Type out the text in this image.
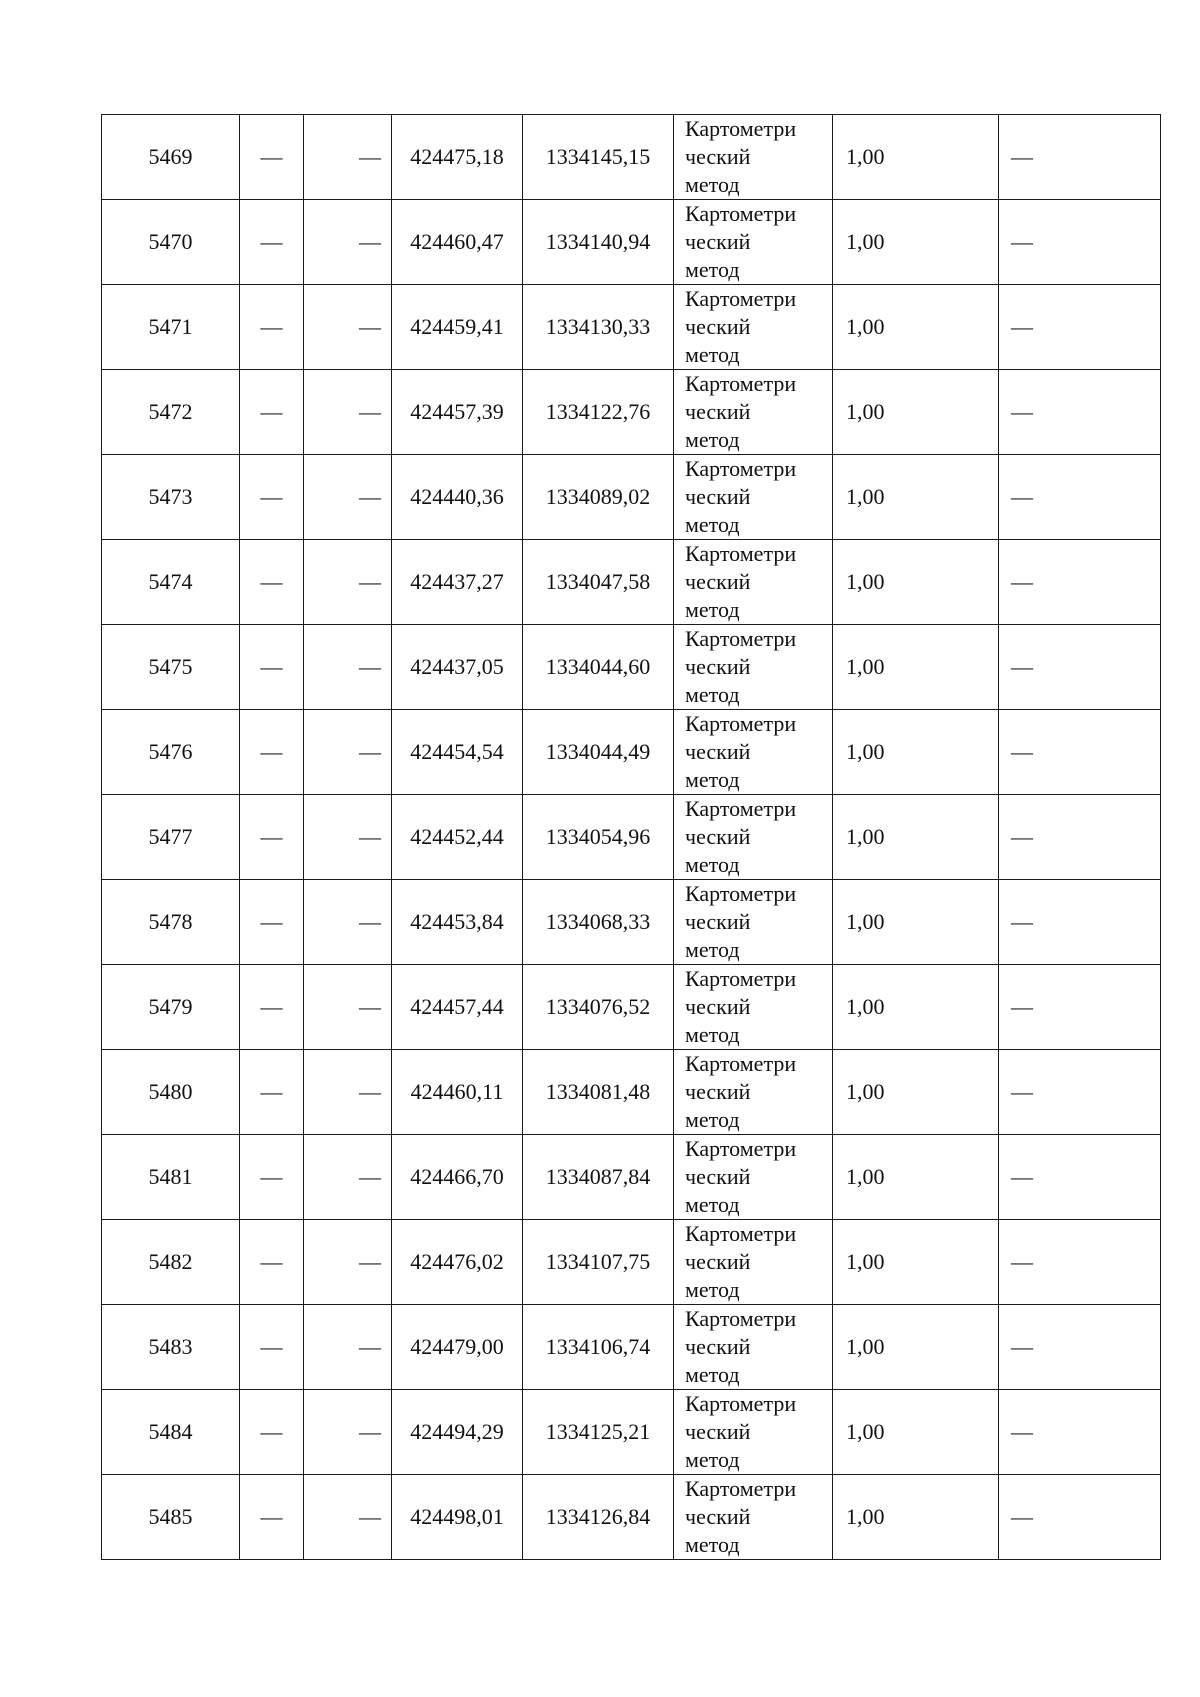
5469	—	—	424475,18	1334145,15	Картометри
ческий
метод	1,00	—
5470	—	—	424460,47	1334140,94	Картометри
ческий
метод	1,00	—
5471	—	—	424459,41	1334130,33	Картометри
ческий
метод	1,00	—
5472	—	—	424457,39	1334122,76	Картометри
ческий
метод	1,00	—
5473	—	—	424440,36	1334089,02	Картометри
ческий
метод	1,00	—
5474	—	—	424437,27	1334047,58	Картометри
ческий
метод	1,00	—
5475	—	—	424437,05	1334044,60	Картометри
ческий
метод	1,00	—
5476	—	—	424454,54	1334044,49	Картометри
ческий
метод	1,00	—
5477	—	—	424452,44	1334054,96	Картометри
ческий
метод	1,00	—
5478	—	—	424453,84	1334068,33	Картометри
ческий
метод	1,00	—
5479	—	—	424457,44	1334076,52	Картометри
ческий
метод	1,00	—
5480	—	—	424460,11	1334081,48	Картометри
ческий
метод	1,00	—
5481	—	—	424466,70	1334087,84	Картометри
ческий
метод	1,00	—
5482	—	—	424476,02	1334107,75	Картометри
ческий
метод	1,00	—
5483	—	—	424479,00	1334106,74	Картометри
ческий
метод	1,00	—
5484	—	—	424494,29	1334125,21	Картометри
ческий
метод	1,00	—
5485	—	—	424498,01	1334126,84	Картометри
ческий
метод	1,00	—
